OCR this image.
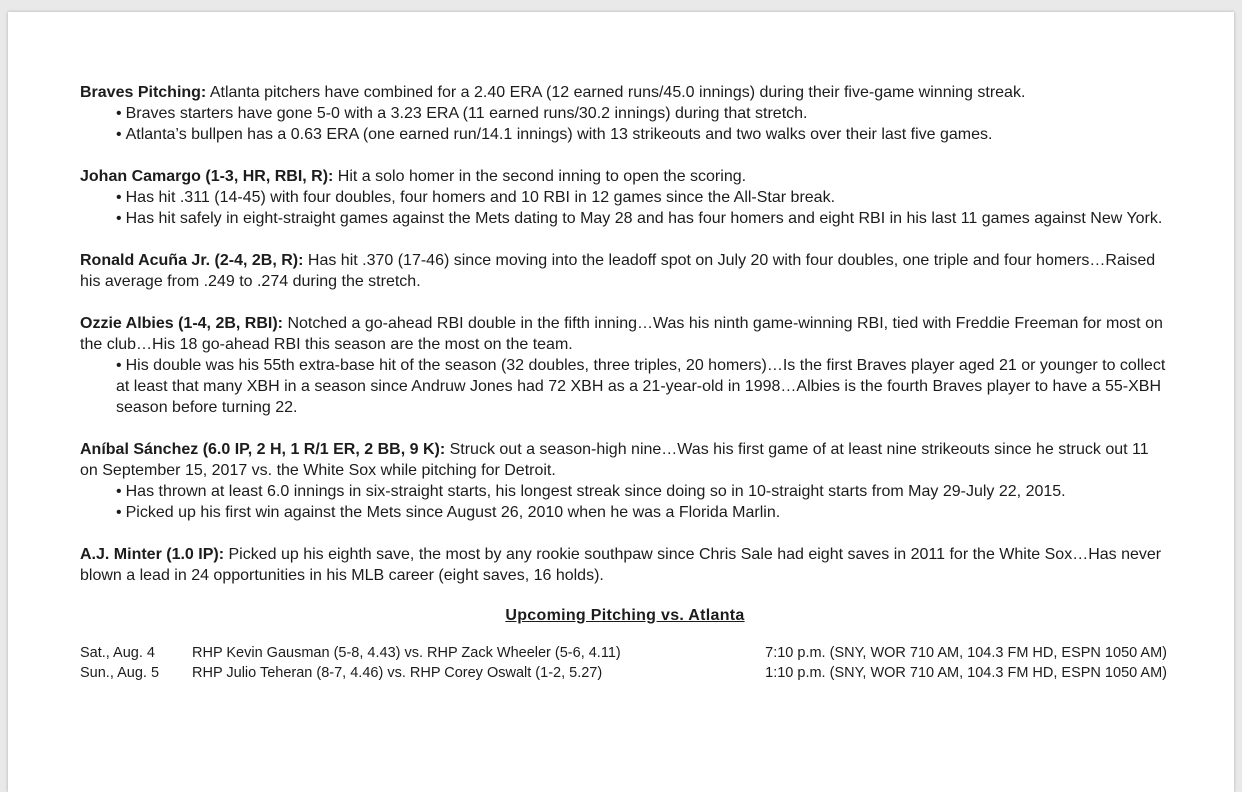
Braves Pitching: Atlanta pitchers have combined for a 2.40 ERA (12 earned runs/45.0 innings) during their five-game winning streak.
• Braves starters have gone 5-0 with a 3.23 ERA (11 earned runs/30.2 innings) during that stretch.
• Atlanta’s bullpen has a 0.63 ERA (one earned run/14.1 innings) with 13 strikeouts and two walks over their last five games.
Johan Camargo (1-3, HR, RBI, R): Hit a solo homer in the second inning to open the scoring.
• Has hit .311 (14-45) with four doubles, four homers and 10 RBI in 12 games since the All-Star break.
• Has hit safely in eight-straight games against the Mets dating to May 28 and has four homers and eight RBI in his last 11 games against New York.
Ronald Acuña Jr. (2-4, 2B, R): Has hit .370 (17-46) since moving into the leadoff spot on July 20 with four doubles, one triple and four homers…Raised his average from .249 to .274 during the stretch.
Ozzie Albies (1-4, 2B, RBI): Notched a go-ahead RBI double in the fifth inning…Was his ninth game-winning RBI, tied with Freddie Freeman for most on the club…His 18 go-ahead RBI this season are the most on the team.
• His double was his 55th extra-base hit of the season (32 doubles, three triples, 20 homers)…Is the first Braves player aged 21 or younger to collect at least that many XBH in a season since Andruw Jones had 72 XBH as a 21-year-old in 1998…Albies is the fourth Braves player to have a 55-XBH season before turning 22.
Aníbal Sánchez (6.0 IP, 2 H, 1 R/1 ER, 2 BB, 9 K): Struck out a season-high nine…Was his first game of at least nine strikeouts since he struck out 11 on September 15, 2017 vs. the White Sox while pitching for Detroit.
• Has thrown at least 6.0 innings in six-straight starts, his longest streak since doing so in 10-straight starts from May 29-July 22, 2015.
• Picked up his first win against the Mets since August 26, 2010 when he was a Florida Marlin.
A.J. Minter (1.0 IP): Picked up his eighth save, the most by any rookie southpaw since Chris Sale had eight saves in 2011 for the White Sox…Has never blown a lead in 24 opportunities in his MLB career (eight saves, 16 holds).
Upcoming Pitching vs. Atlanta
Sat., Aug. 4	RHP Kevin Gausman (5-8, 4.43) vs. RHP Zack Wheeler (5-6, 4.11)	7:10 p.m. (SNY, WOR 710 AM, 104.3 FM HD, ESPN 1050 AM)
Sun., Aug. 5 RHP Julio Teheran (8-7, 4.46) vs. RHP Corey Oswalt (1-2, 5.27)	1:10 p.m. (SNY, WOR 710 AM, 104.3 FM HD, ESPN 1050 AM)
